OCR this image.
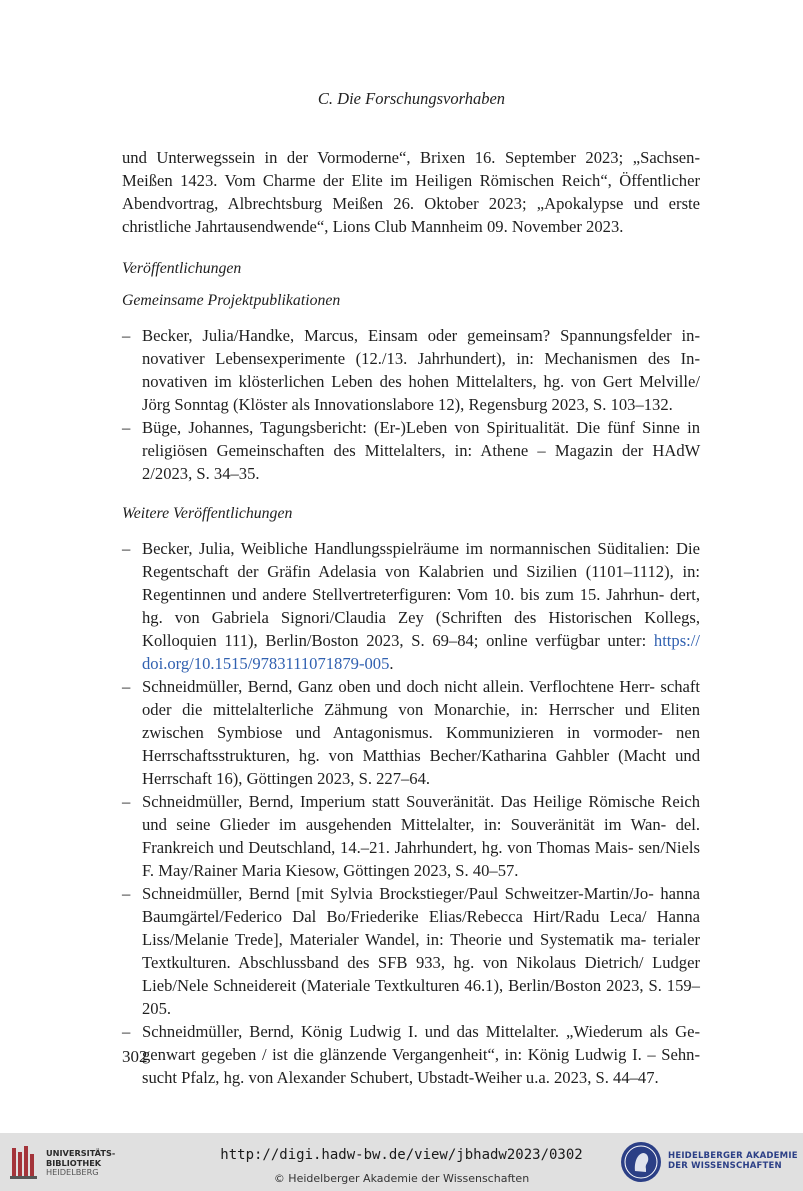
C. Die Forschungsvorhaben

und Unterwegssein in der Vormoderne“, Brixen 16. September 2023; „Sachsen- Meißen 1423. Vom Charme der Elite im Heiligen Römischen Reich“, Öffentlicher Abendvortrag, Albrechtsburg Meißen 26. Oktober 2023; „Apokalypse und erste christliche Jahrtausendwende“, Lions Club Mannheim 09. November 2023.

Veröffentlichungen

Gemeinsame Projektpublikationen

– Becker, Julia/Handke, Marcus, Einsam oder gemeinsam? Spannungsfelder in- novativer Lebensexperimente (12./13. Jahrhundert), in: Mechanismen des In- novativen im klösterlichen Leben des hohen Mittelalters, hg. von Gert Melville/ Jörg Sonntag (Klöster als Innovationslabore 12), Regensburg 2023, S. 103–132.

– Büge, Johannes, Tagungsbericht: (Er-)Leben von Spiritualität. Die fünf Sinne in religiösen Gemeinschaften des Mittelalters, in: Athene – Magazin der HAdW 2/2023, S. 34–35.

Weitere Veröffentlichungen

– Becker, Julia, Weibliche Handlungsspielräume im normannischen Süditalien: Die Regentschaft der Gräfin Adelasia von Kalabrien und Sizilien (1101–1112), in: Regentinnen und andere Stellvertreterfiguren: Vom 10. bis zum 15. Jahrhun- dert, hg. von Gabriela Signori/Claudia Zey (Schriften des Historischen Kollegs, Kolloquien 111), Berlin/Boston 2023, S. 69–84; online verfügbar unter: https:// doi.org/10.1515/9783111071879-005.

– Schneidmüller, Bernd, Ganz oben und doch nicht allein. Verflochtene Herr- schaft oder die mittelalterliche Zähmung von Monarchie, in: Herrscher und Eliten zwischen Symbiose und Antagonismus. Kommunizieren in vormoder- nen Herrschaftsstrukturen, hg. von Matthias Becher/Katharina Gahbler (Macht und Herrschaft 16), Göttingen 2023, S. 227–64.

– Schneidmüller, Bernd, Imperium statt Souveränität. Das Heilige Römische Reich und seine Glieder im ausgehenden Mittelalter, in: Souveränität im Wan- del. Frankreich und Deutschland, 14.–21. Jahrhundert, hg. von Thomas Mais- sen/Niels F. May/Rainer Maria Kiesow, Göttingen 2023, S. 40–57.

– Schneidmüller, Bernd [mit Sylvia Brockstieger/Paul Schweitzer-Martin/Jo- hanna Baumgärtel/Federico Dal Bo/Friederike Elias/Rebecca Hirt/Radu Leca/ Hanna Liss/Melanie Trede], Materialer Wandel, in: Theorie und Systematik ma- terialer Textkulturen. Abschlussband des SFB 933, hg. von Nikolaus Dietrich/ Ludger Lieb/Nele Schneidereit (Materiale Textkulturen 46.1), Berlin/Boston 2023, S. 159–205.

– Schneidmüller, Bernd, König Ludwig I. und das Mittelalter. „Wiederum als Ge- genwart gegeben / ist die glänzende Vergangenheit“, in: König Ludwig I. – Sehn- sucht Pfalz, hg. von Alexander Schubert, Ubstadt-Weiher u.a. 2023, S. 44–47.

302
UNIVERSITÄTS-
BIBLIOTHEK
HEIDELBERG
http://digi.hadw-bw.de/view/jbhadw2023/0302
© Heidelberger Akademie der Wissenschaften
HEIDELBERGER AKADEMIE
DER WISSENSCHAFTEN
